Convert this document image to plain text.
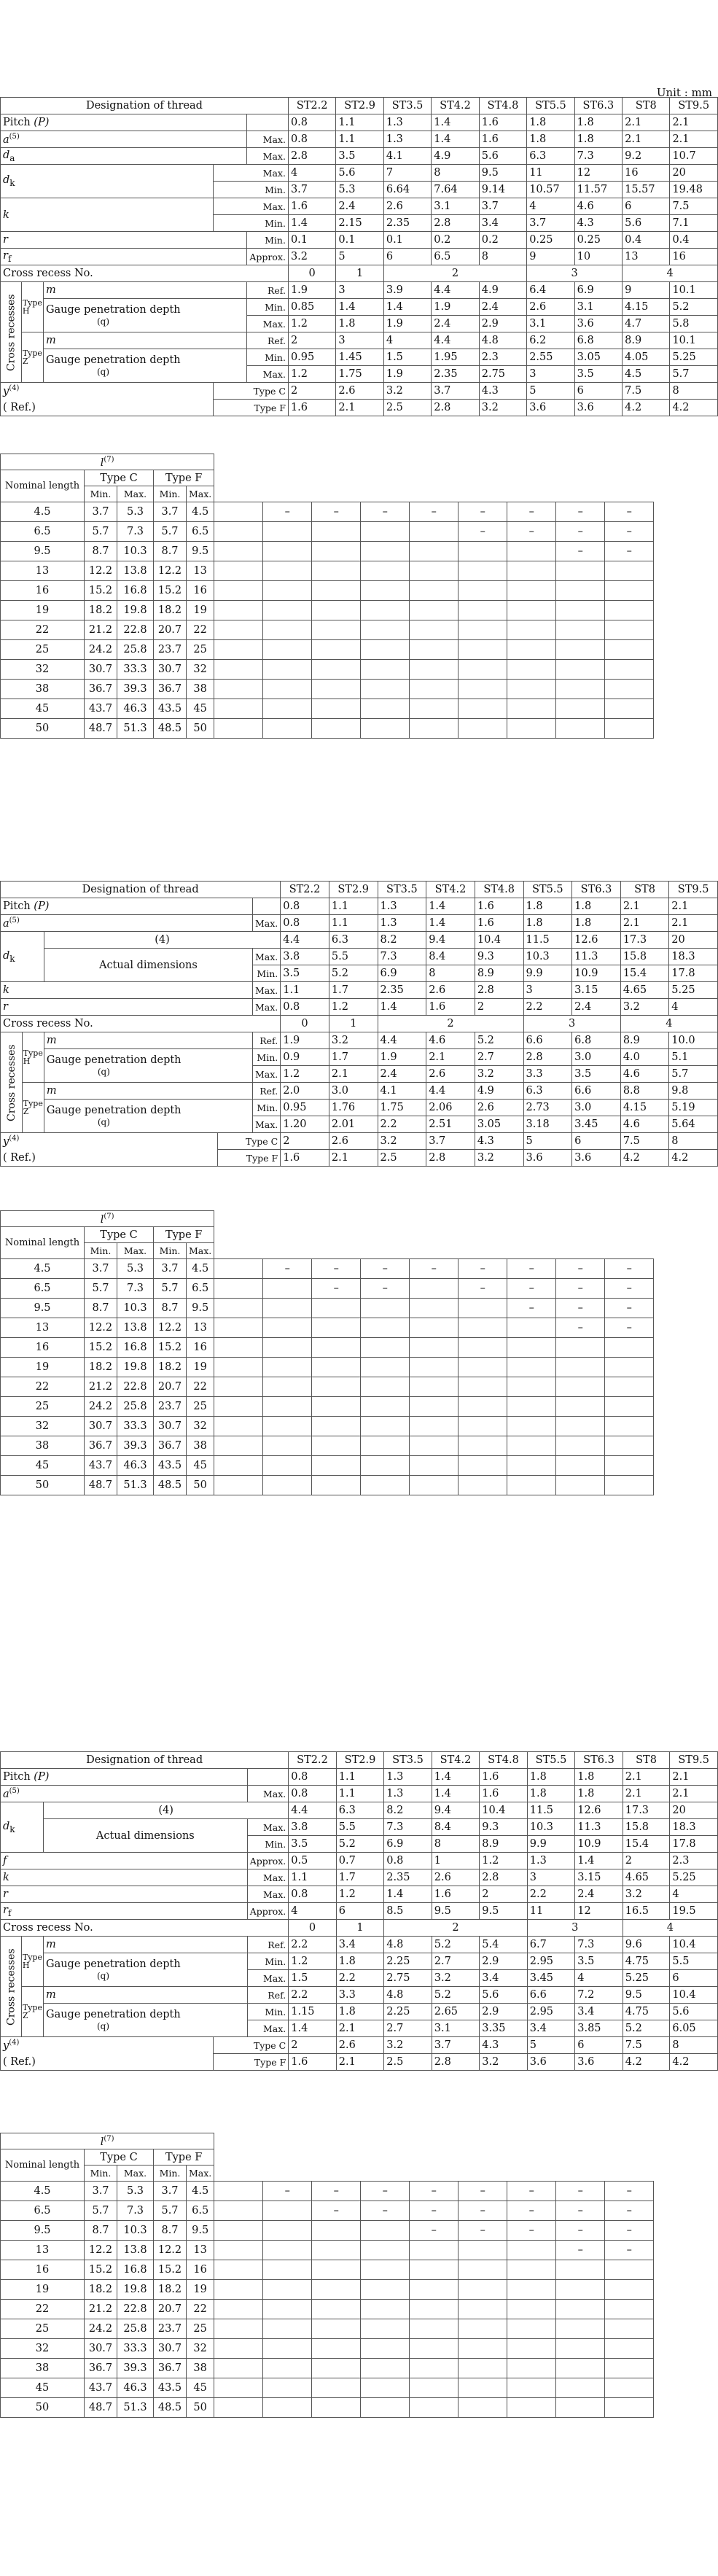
Unit : mm
Designation of thread					ST2.2	ST2.9	ST3.5	ST4.2	ST4.8	ST5.5	ST6.3	ST8	ST9.5
Pitch (P)					0.8	1.1	1.3	1.4	1.6	1.8	1.8	2.1	2.1
$a^{(5)}$				Max.	0.8	1.1	1.3	1.4	1.6	1.8	1.8	2.1	2.1
$d_a$				Max.	2.8	3.5	4.1	4.9	5.6	6.3	7.3	9.2	10.7
$d_k$			Max.		4	5.6	7	8	9.5	11	12	16	20
			Min.		3.7	5.3	6.64	7.64	9.14	10.57	11.57	15.57	19.48
k			Max.		1.6	2.4	2.6	3.1	3.7	4	4.6	6	7.5
			Min.		1.4	2.15	2.35	2.8	3.4	3.7	4.3	5.6	7.1
r				Min.	0.1	0.1	0.1	0.2	0.2	0.25	0.25	0.4	0.4
$r_f$				Approx.	3.2	5	6	6.5	8	9	10	13	16
Cross recess No.					0	1	2			3		4	
Cross recesses	Type H	m		Ref.	1.9	3	3.9	4.4	4.9	6.4	6.9	9	10.1
		Gauge penetration depth
(q)		Min.	0.85	1.4	1.4	1.9	2.4	2.6	3.1	4.15	5.2
				Max.	1.2	1.8	1.9	2.4	2.9	3.1	3.6	4.7	5.8
	Type Z	m		Ref.	2	3	4	4.4	4.8	6.2	6.8	8.9	10.1
		Gauge penetration depth
(q)		Min.	0.95	1.45	1.5	1.95	2.3	2.55	3.05	4.05	5.25
				Max.	1.2	1.75	1.9	2.35	2.75	3	3.5	4.5	5.7
$y^{(4)}$			Type C		2	2.6	3.2	3.7	4.3	5	6	7.5	8
( Ref.)			Type F		1.6	2.1	2.5	2.8	3.2	3.6	3.6	4.2	4.2
$l^{(7)}$									
Nominal length	Type C		Type F										
	Min.	Max.	Min.	Max.									
4.5	3.7	5.3	3.7	4.5		–	–	–	–	–	–	–	–
6.5	5.7	7.3	5.7	6.5						–	–	–	–
9.5	8.7	10.3	8.7	9.5								–	–
13	12.2	13.8	12.2	13									
16	15.2	16.8	15.2	16									
19	18.2	19.8	18.2	19									
22	21.2	22.8	20.7	22									
25	24.2	25.8	23.7	25									
32	30.7	33.3	30.7	32									
38	36.7	39.3	36.7	38									
45	43.7	46.3	43.5	45									
50	48.7	51.3	48.5	50									
Designation of thread					ST2.2	ST2.9	ST3.5	ST4.2	ST4.8	ST5.5	ST6.3	ST8	ST9.5
Pitch (P)					0.8	1.1	1.3	1.4	1.6	1.8	1.8	2.1	2.1
$a^{(5)}$				Max.	0.8	1.1	1.3	1.4	1.6	1.8	1.8	2.1	2.1
$d_k$		(4)			4.4	6.3	8.2	9.4	10.4	11.5	12.6	17.3	20
		Actual dimensions		Max.	3.8	5.5	7.3	8.4	9.3	10.3	11.3	15.8	18.3
				Min.	3.5	5.2	6.9	8	8.9	9.9	10.9	15.4	17.8
k				Max.	1.1	1.7	2.35	2.6	2.8	3	3.15	4.65	5.25
r				Max.	0.8	1.2	1.4	1.6	2	2.2	2.4	3.2	4
Cross recess No.					0	1	2			3		4	
Cross recesses	Type H	m		Ref.	1.9	3.2	4.4	4.6	5.2	6.6	6.8	8.9	10.0
		Gauge penetration depth
(q)		Min.	0.9	1.7	1.9	2.1	2.7	2.8	3.0	4.0	5.1
				Max.	1.2	2.1	2.4	2.6	3.2	3.3	3.5	4.6	5.7
	Type Z	m		Ref.	2.0	3.0	4.1	4.4	4.9	6.3	6.6	8.8	9.8
		Gauge penetration depth
(q)		Min.	0.95	1.76	1.75	2.06	2.6	2.73	3.0	4.15	5.19
				Max.	1.20	2.01	2.2	2.51	3.05	3.18	3.45	4.6	5.64
$y^{(4)}$			Type C		2	2.6	3.2	3.7	4.3	5	6	7.5	8
( Ref.)			Type F		1.6	2.1	2.5	2.8	3.2	3.6	3.6	4.2	4.2
$l^{(7)}$									
Nominal length	Type C		Type F										
	Min.	Max.	Min.	Max.									
4.5	3.7	5.3	3.7	4.5		–	–	–	–	–	–	–	–
6.5	5.7	7.3	5.7	6.5			–	–		–	–	–	–
9.5	8.7	10.3	8.7	9.5							–	–	–
13	12.2	13.8	12.2	13								–	–
16	15.2	16.8	15.2	16									
19	18.2	19.8	18.2	19									
22	21.2	22.8	20.7	22									
25	24.2	25.8	23.7	25									
32	30.7	33.3	30.7	32									
38	36.7	39.3	36.7	38									
45	43.7	46.3	43.5	45									
50	48.7	51.3	48.5	50									
Designation of thread					ST2.2	ST2.9	ST3.5	ST4.2	ST4.8	ST5.5	ST6.3	ST8	ST9.5
Pitch (P)					0.8	1.1	1.3	1.4	1.6	1.8	1.8	2.1	2.1
$a^{(5)}$				Max.	0.8	1.1	1.3	1.4	1.6	1.8	1.8	2.1	2.1
$d_k$		(4)			4.4	6.3	8.2	9.4	10.4	11.5	12.6	17.3	20
		Actual dimensions		Max.	3.8	5.5	7.3	8.4	9.3	10.3	11.3	15.8	18.3
				Min.	3.5	5.2	6.9	8	8.9	9.9	10.9	15.4	17.8
f				Approx.	0.5	0.7	0.8	1	1.2	1.3	1.4	2	2.3
k				Max.	1.1	1.7	2.35	2.6	2.8	3	3.15	4.65	5.25
r				Max.	0.8	1.2	1.4	1.6	2	2.2	2.4	3.2	4
$r_f$				Approx.	4	6	8.5	9.5	9.5	11	12	16.5	19.5
Cross recess No.					0	1	2			3		4	
Cross recesses	Type H	m		Ref.	2.2	3.4	4.8	5.2	5.4	6.7	7.3	9.6	10.4
		Gauge penetration depth
(q)		Min.	1.2	1.8	2.25	2.7	2.9	2.95	3.5	4.75	5.5
				Max.	1.5	2.2	2.75	3.2	3.4	3.45	4	5.25	6
	Type Z	m		Ref.	2.2	3.3	4.8	5.2	5.6	6.6	7.2	9.5	10.4
		Gauge penetration depth
(q)		Min.	1.15	1.8	2.25	2.65	2.9	2.95	3.4	4.75	5.6
				Max.	1.4	2.1	2.7	3.1	3.35	3.4	3.85	5.2	6.05
$y^{(4)}$			Type C		2	2.6	3.2	3.7	4.3	5	6	7.5	8
( Ref.)			Type F		1.6	2.1	2.5	2.8	3.2	3.6	3.6	4.2	4.2
$l^{(7)}$									
Nominal length	Type C		Type F										
	Min.	Max.	Min.	Max.									
4.5	3.7	5.3	3.7	4.5		–	–	–	–	–	–	–	–
6.5	5.7	7.3	5.7	6.5			–	–	–	–	–	–	–
9.5	8.7	10.3	8.7	9.5					–	–	–	–	–
13	12.2	13.8	12.2	13								–	–
16	15.2	16.8	15.2	16									
19	18.2	19.8	18.2	19									
22	21.2	22.8	20.7	22									
25	24.2	25.8	23.7	25									
32	30.7	33.3	30.7	32									
38	36.7	39.3	36.7	38									
45	43.7	46.3	43.5	45									
50	48.7	51.3	48.5	50									
